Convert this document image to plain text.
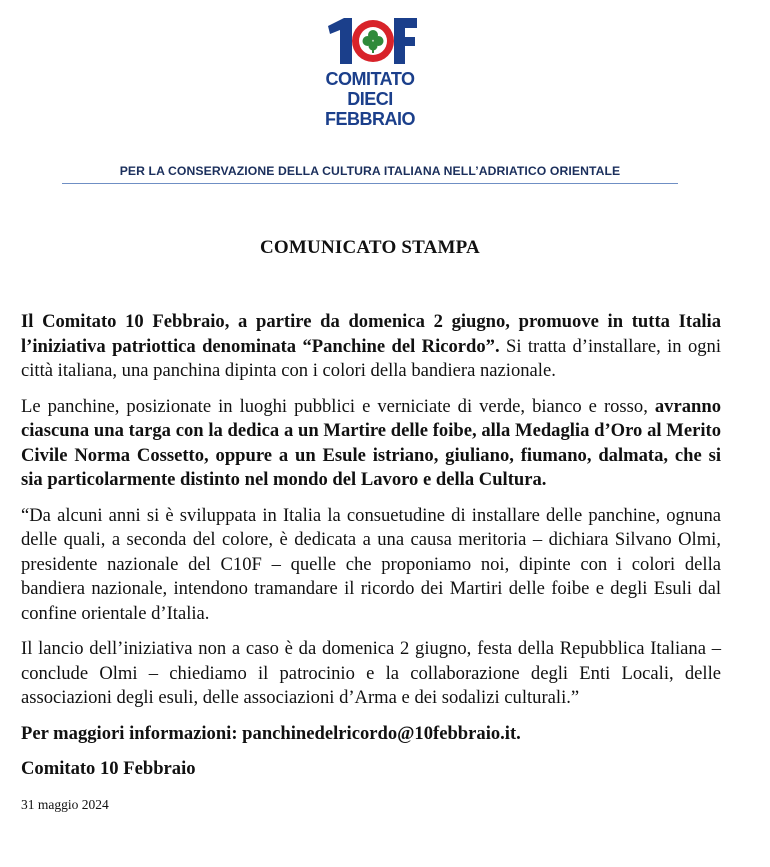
COMITATO
DIECI
FEBBRAIO
PER LA CONSERVAZIONE DELLA CULTURA ITALIANA NELL’ADRIATICO ORIENTALE
COMUNICATO STAMPA

Il Comitato 10 Febbraio, a partire da domenica 2 giugno, promuove in tutta Italia l’iniziativa patriottica denominata “Panchine del Ricordo”. Si tratta d’installare, in ogni città italiana, una panchina dipinta con i colori della bandiera nazionale.

Le panchine, posizionate in luoghi pubblici e verniciate di verde, bianco e rosso, avranno ciascuna una targa con la dedica a un Martire delle foibe, alla Medaglia d’Oro al Merito Civile Norma Cossetto, oppure a un Esule istriano, giuliano, fiumano, dalmata, che si sia particolarmente distinto nel mondo del Lavoro e della Cultura.

“Da alcuni anni si è sviluppata in Italia la consuetudine di installare delle panchine, ognuna delle quali, a seconda del colore, è dedicata a una causa meritoria – dichiara Silvano Olmi, presidente nazionale del C10F – quelle che proponiamo noi, dipinte con i colori della bandiera nazionale, intendono tramandare il ricordo dei Martiri delle foibe e degli Esuli dal confine orientale d’Italia.

Il lancio dell’iniziativa non a caso è da domenica 2 giugno, festa della Repubblica Italiana – conclude Olmi – chiediamo il patrocinio e la collaborazione degli Enti Locali, delle associazioni degli esuli, delle associazioni d’Arma e dei sodalizi culturali.”

Per maggiori informazioni: panchinedelricordo@10febbraio.it.

Comitato 10 Febbraio

31 maggio 2024
